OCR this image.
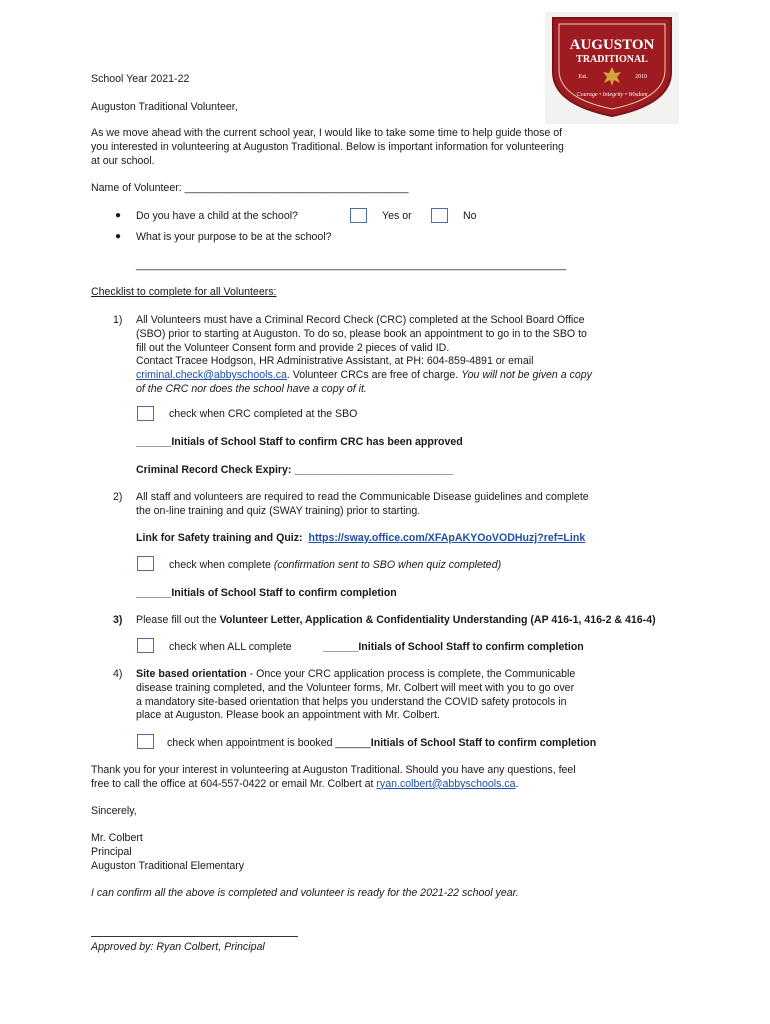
AUGUSTON
TRADITIONAL
Est.	2010
Courage • Integrity • Wisdom
School Year 2021-22
Auguston Traditional Volunteer,
As we move ahead with the current school year, I would like to take some time to help guide those of
you interested in volunteering at Auguston Traditional. Below is important information for volunteering
at our school.
Name of Volunteer: ______________________________________
● Do you have a child at the school?	Yes or	No
● What is your purpose to be at the school?
_________________________________________________________________________
Checklist to complete for all Volunteers:
1) All Volunteers must have a Criminal Record Check (CRC) completed at the School Board Office
(SBO) prior to starting at Auguston. To do so, please book an appointment to go in to the SBO to
fill out the Volunteer Consent form and provide 2 pieces of valid ID.
Contact Tracee Hodgson, HR Administrative Assistant, at PH: 604-859-4891 or email
criminal.check@abbyschools.ca. Volunteer CRCs are free of charge. You will not be given a copy
of the CRC nor does the school have a copy of it.
check when CRC completed at the SBO
______Initials of School Staff to confirm CRC has been approved
Criminal Record Check Expiry: ___________________________
2) All staff and volunteers are required to read the Communicable Disease guidelines and complete
the on-line training and quiz (SWAY training) prior to starting.
Link for Safety training and Quiz: https://sway.office.com/XFApAKYOoVODHuzj?ref=Link
check when complete (confirmation sent to SBO when quiz completed)
______Initials of School Staff to confirm completion
3) Please fill out the Volunteer Letter, Application & Confidentiality Understanding (AP 416-1, 416-2 & 416-4)
check when ALL complete	______Initials of School Staff to confirm completion
4) Site based orientation - Once your CRC application process is complete, the Communicable
disease training completed, and the Volunteer forms, Mr. Colbert will meet with you to go over
a mandatory site-based orientation that helps you understand the COVID safety protocols in
place at Auguston. Please book an appointment with Mr. Colbert.
check when appointment is booked ______Initials of School Staff to confirm completion
Thank you for your interest in volunteering at Auguston Traditional. Should you have any questions, feel
free to call the office at 604-557-0422 or email Mr. Colbert at ryan.colbert@abbyschools.ca.
Sincerely,
Mr. Colbert
Principal
Auguston Traditional Elementary
I can confirm all the above is completed and volunteer is ready for the 2021-22 school year.
Approved by: Ryan Colbert, Principal
